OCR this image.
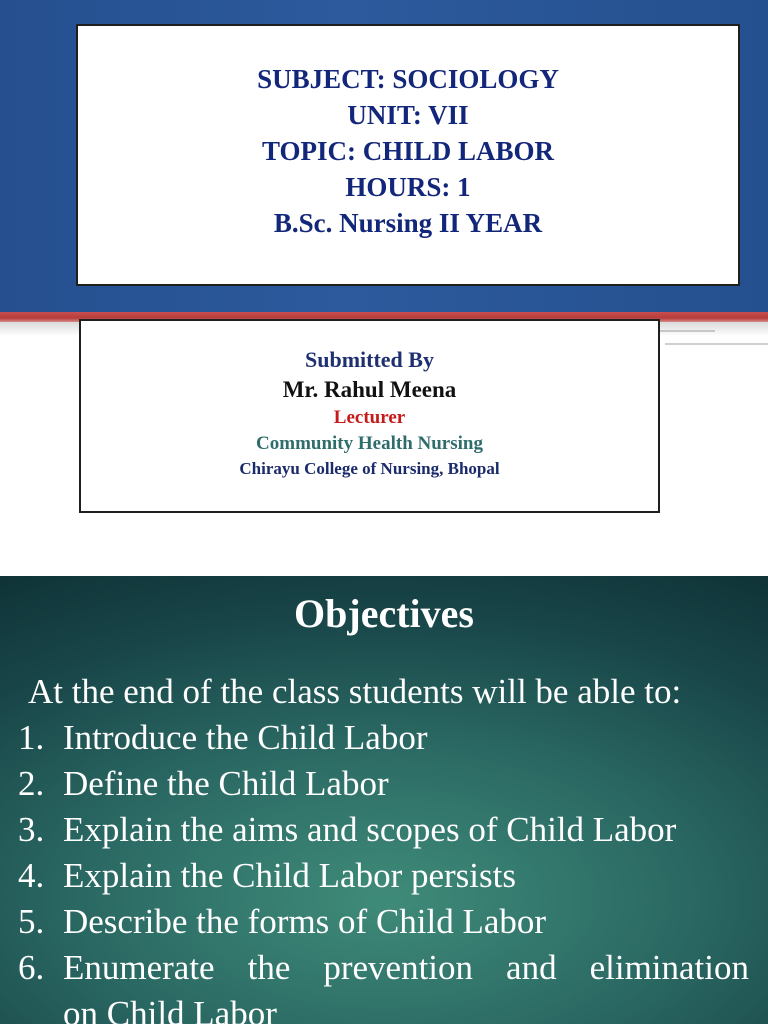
SUBJECT: SOCIOLOGY
UNIT: VII
TOPIC: CHILD LABOR
HOURS: 1
B.Sc. Nursing II YEAR
Submitted By
Mr. Rahul Meena
Lecturer
Community Health Nursing
Chirayu College of Nursing, Bhopal
Objectives
At the end of the class students will be able to:
1. Introduce the Child Labor
2. Define the Child Labor
3. Explain the aims and scopes of Child Labor
4. Explain the Child Labor persists
5. Describe the forms of Child Labor
6. Enumerate the prevention and elimination
on Child Labor
